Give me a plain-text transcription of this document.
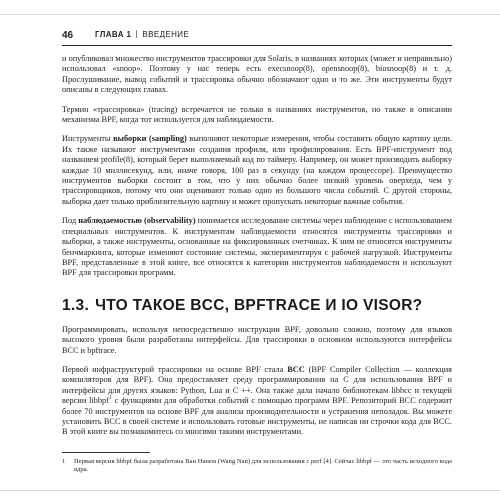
46	ГЛАВА 1 ВВЕДЕНИЕ

и опубликовал множество инструментов трассировки для Solaris, в названиях которых (может и неправильно) использовал «snoop». Поэтому у нас теперь есть execsnoop(8), opensnoop(8), biosnoop(8) и т. д. Прослушивание, вывод событий и трассировка обычно обозначают одно и то же. Эти инструменты будут описаны в следующих главах.

Термин «трассировка» (tracing) встречается не только в названиях инструментов, но также в описании механизма BPF, когда тот используется для наблюдаемости.

Инструменты выборки (sampling) выполняют некоторые измерения, чтобы составить общую картину цели. Их также называют инструментами создания профиля, или профилирования. Есть BPF-инструмент под названием profile(8), который берет выполняемый код по таймеру. Например, он может производить выборку каждые 10 миллисекунд, или, иначе говоря, 100 раз в секунду (на каждом процессоре). Преимущество инструментов выборки состоит в том, что у них обычно более низкий уровень оверхеда, чем у трассировщиков, потому что они оценивают только одно из большого числа событий. С другой стороны, выборка дает только приблизительную картину и может пропускать некоторые важные события.

Под наблюдаемостью (observability) понимается исследование системы через наблюдение с использованием специальных инструментов. К инструментам наблюдаемости относятся инструменты трассировки и выборки, а также инструменты, основанные на фиксированных счетчиках. К ним не относятся инструменты бенчмаркинга, которые изменяют состояние системы, экспериментируя с рабочей нагрузкой. Инструменты BPF, представленные в этой книге, все относятся к категории инструментов наблюдаемости и используют BPF для трассировки программ.

1.3. ЧТО ТАКОЕ BCC, BPFTRACE И IO VISOR?

Программировать, используя непосредственно инструкции BPF, довольно сложно, поэтому для языков высокого уровня были разработаны интерфейсы. Для трассировки в основном используются интерфейсы BCC и bpftrace.

Первой инфраструктурой трассировки на основе BPF стала BCC (BPF Compiler Collection — коллекция компиляторов для BPF). Она предоставляет среду программирования на C для использования BPF и интерфейсы для других языков: Python, Lua и C ++. Она также дала начало библиотекам libbcc и текущей версии libbpf$^1$ с функциями для обработки событий с помощью программ BPF. Репозиторий BCC содержит более 70 инструментов на основе BPF для анализа производительности и устранения неполадок. Вы можете установить BCC в своей системе и использовать готовые инструменты, не написав ни строчки кода для BCC. В этой книге вы познакомитесь со многими такими инструментами.

1 Первая версия libbpf была разработана Ван Нанем (Wang Nan) для использования с perf [4]. Сейчас libbpf — это часть исходного кода ядра.
